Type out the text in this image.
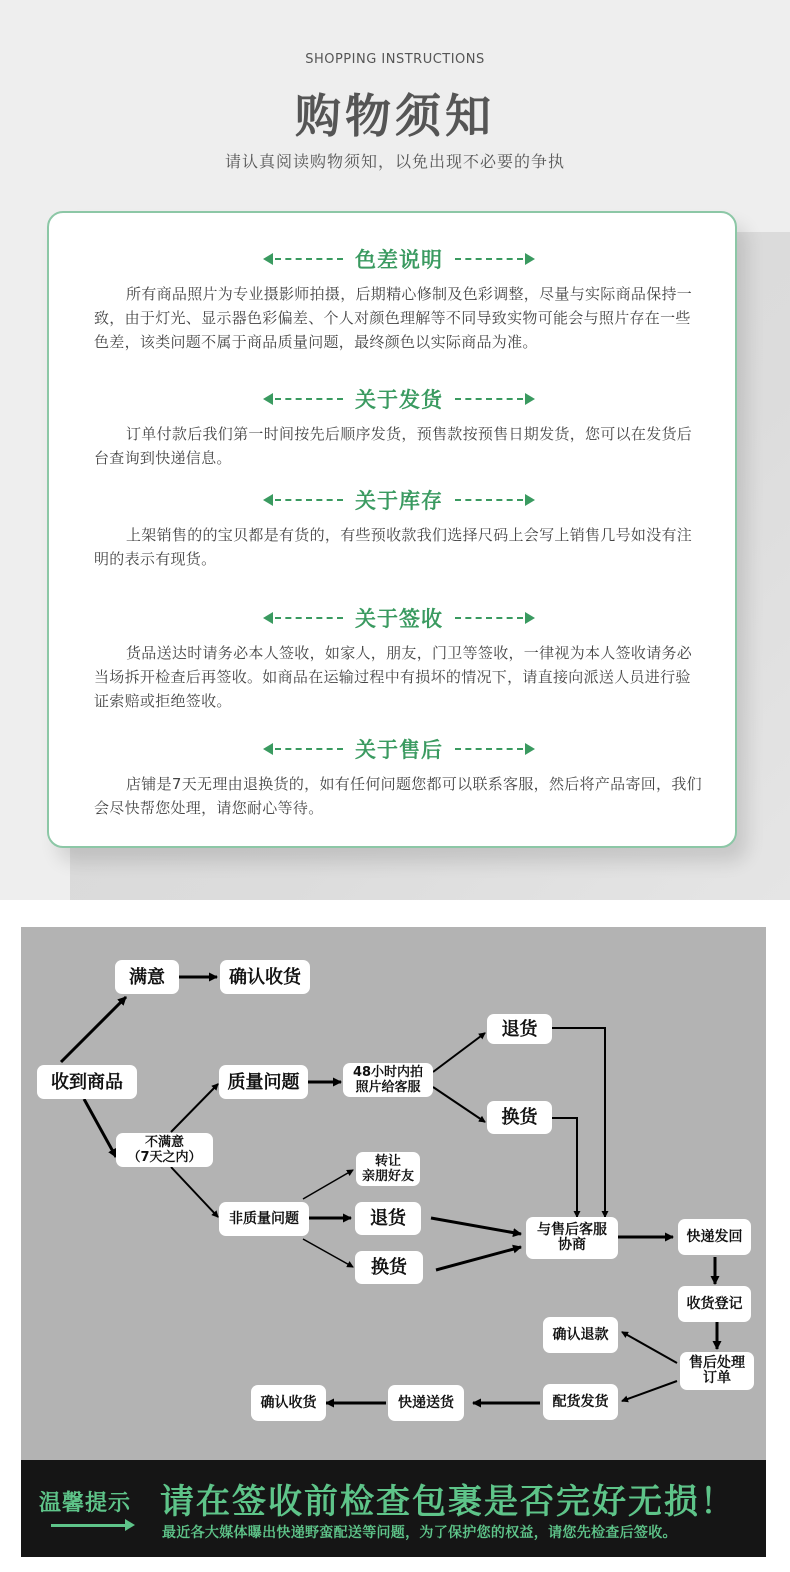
SHOPPING INSTRUCTIONS
购物须知
请认真阅读购物须知，以免出现不必要的争执
色差说明
所有商品照片为专业摄影师拍摄，后期精心修制及色彩调整，尽量与实际商品保持一致，由于灯光、显示器色彩偏差、个人对颜色理解等不同导致实物可能会与照片存在一些色差，该类问题不属于商品质量问题，最终颜色以实际商品为准。
关于发货
订单付款后我们第一时间按先后顺序发货，预售款按预售日期发货，您可以在发货后台查询到快递信息。
关于库存
上架销售的的宝贝都是有货的，有些预收款我们选择尺码上会写上销售几号如没有注明的表示有现货。
关于签收
货品送达时请务必本人签收，如家人，朋友，门卫等签收，一律视为本人签收请务必当场拆开检查后再签收。如商品在运输过程中有损坏的情况下，请直接向派送人员进行验证索赔或拒绝签收。
关于售后
店铺是7天无理由退换货的，如有任何问题您都可以联系客服，然后将产品寄回，我们会尽快帮您处理，请您耐心等待。
满意	确认收货
收到商品	质量问题	48小时内拍
照片给客服
退货
换货
不满意
（7天之内）	转让
亲朋好友
非质量问题	退货
换货
与售后客服
协商
快递发回
收货登记
确认退款
售后处理
订单
配货发货
快递送货
确认收货
温馨提示 请在签收前检查包裹是否完好无损！
最近各大媒体曝出快递野蛮配送等问题，为了保护您的权益，请您先检查后签收。
